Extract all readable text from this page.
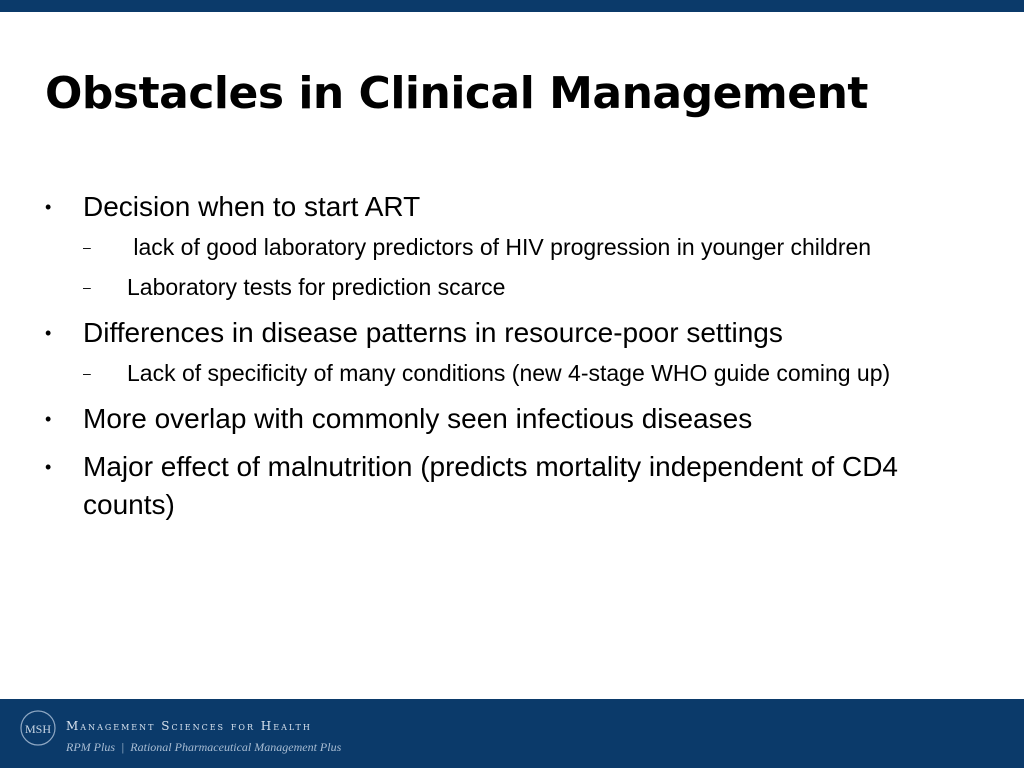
Obstacles in Clinical Management
• Decision when to start ART
–	lack of good laboratory predictors of HIV progression in younger children
–	Laboratory tests for prediction scarce
• Differences in disease patterns in resource-poor settings
–	Lack of specificity of many conditions (new 4-stage WHO guide coming up)
• More overlap with commonly seen infectious diseases
• Major effect of malnutrition (predicts mortality independent of CD4 counts)
MSH Management Sciences for Health
RPM Plus  |  Rational Pharmaceutical Management Plus
